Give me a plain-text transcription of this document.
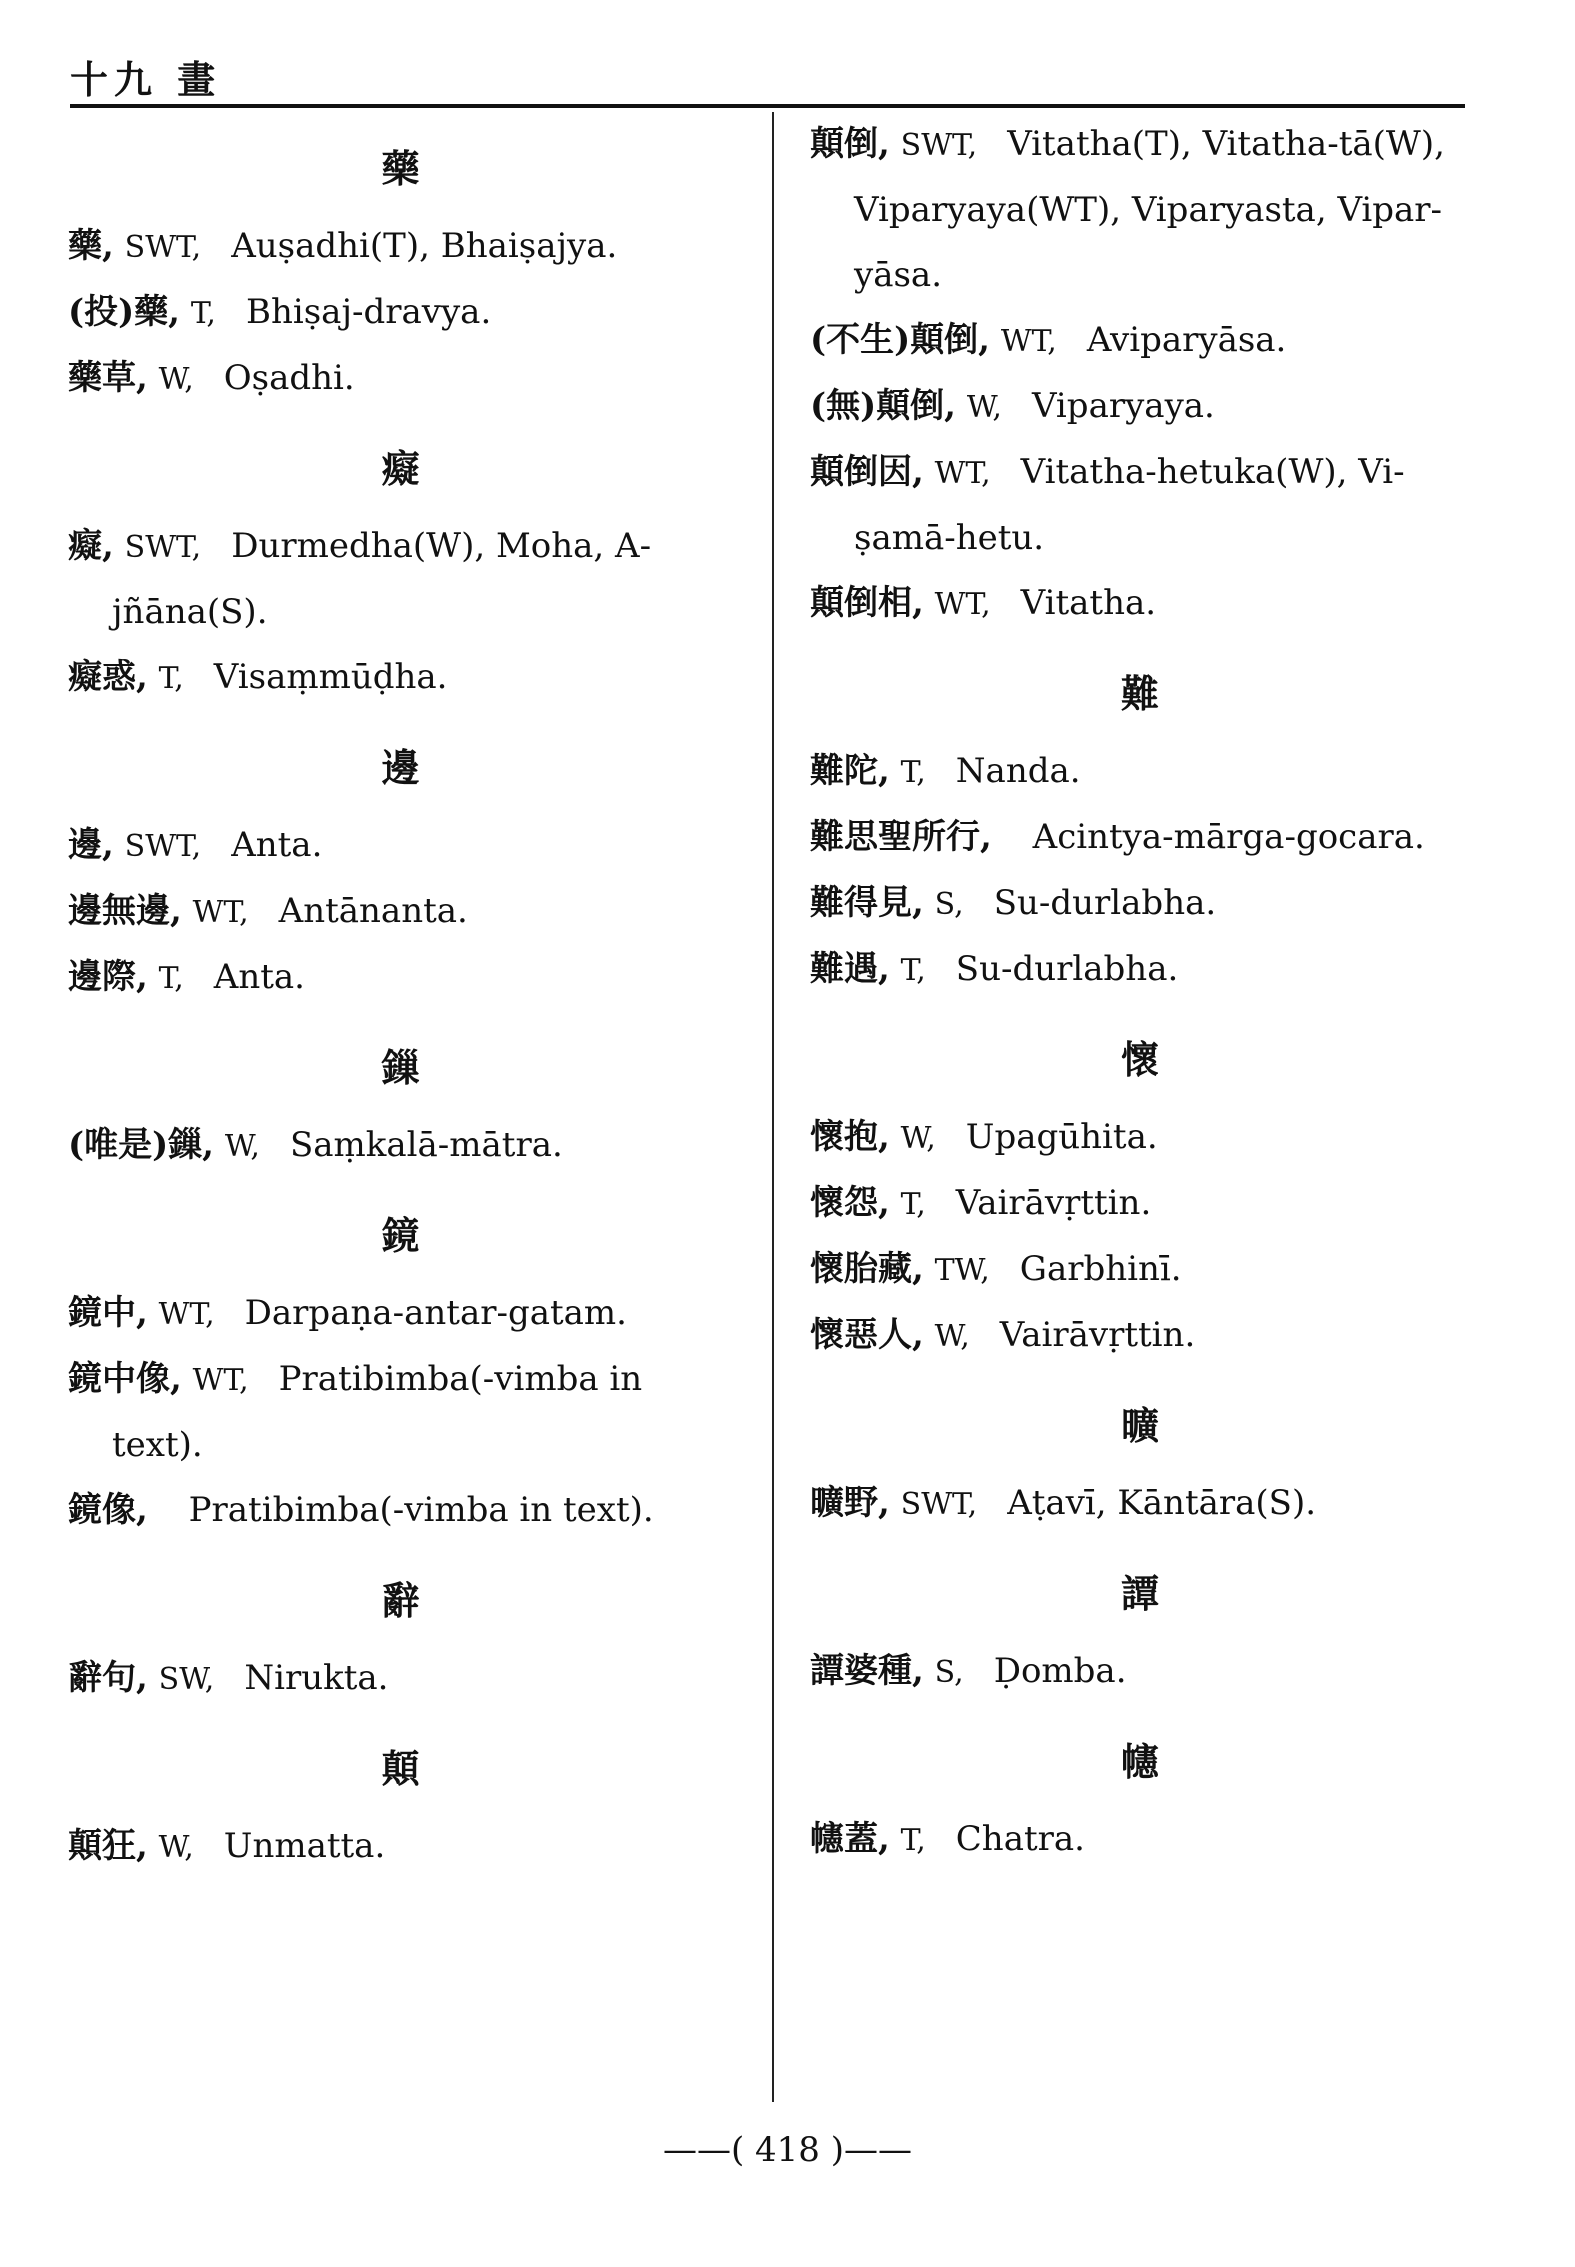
十九 畫
藥
藥, SWT, Auṣadhi(T), Bhaiṣajya.
(投)藥, T, Bhiṣaj-dravya.
藥草, W, Oṣadhi.
癡
癡, SWT, Durmedha(W), Moha, A-jñāna(S).
癡惑, T, Visaṃmūḍha.
邊
邊, SWT, Anta.
邊無邊, WT, Antānanta.
邊際, T, Anta.
鏁
(唯是)鏁, W, Saṃkalā-mātra.
鏡
鏡中, WT, Darpaṇa-antar-gatam.
鏡中像, WT, Pratibimba(-vimba in text).
鏡像, Pratibimba(-vimba in text).
辭
辭句, SW, Nirukta.
顛
顛狂, W, Unmatta.
顛倒, SWT, Vitatha(T), Vitatha-tā(W), Viparyaya(WT), Viparyasta, Vipar-yāsa.
(不生)顛倒, WT, Aviparyāsa.
(無)顛倒, W, Viparyaya.
顛倒因, WT, Vitatha-hetuka(W), Vi-ṣamā-hetu.
顛倒相, WT, Vitatha.
難
難陀, T, Nanda.
難思聖所行, Acintya-mārga-gocara.
難得見, S, Su-durlabha.
難遇, T, Su-durlabha.
懷
懷抱, W, Upagūhita.
懷怨, T, Vairāvṛttin.
懷胎藏, TW, Garbhinī.
懷惡人, W, Vairāvṛttin.
曠
曠野, SWT, Aṭavī, Kāntāra(S).
譚
譚婆種, S, Ḍomba.
幰
幰蓋, T, Chatra.
——( 418 )——
